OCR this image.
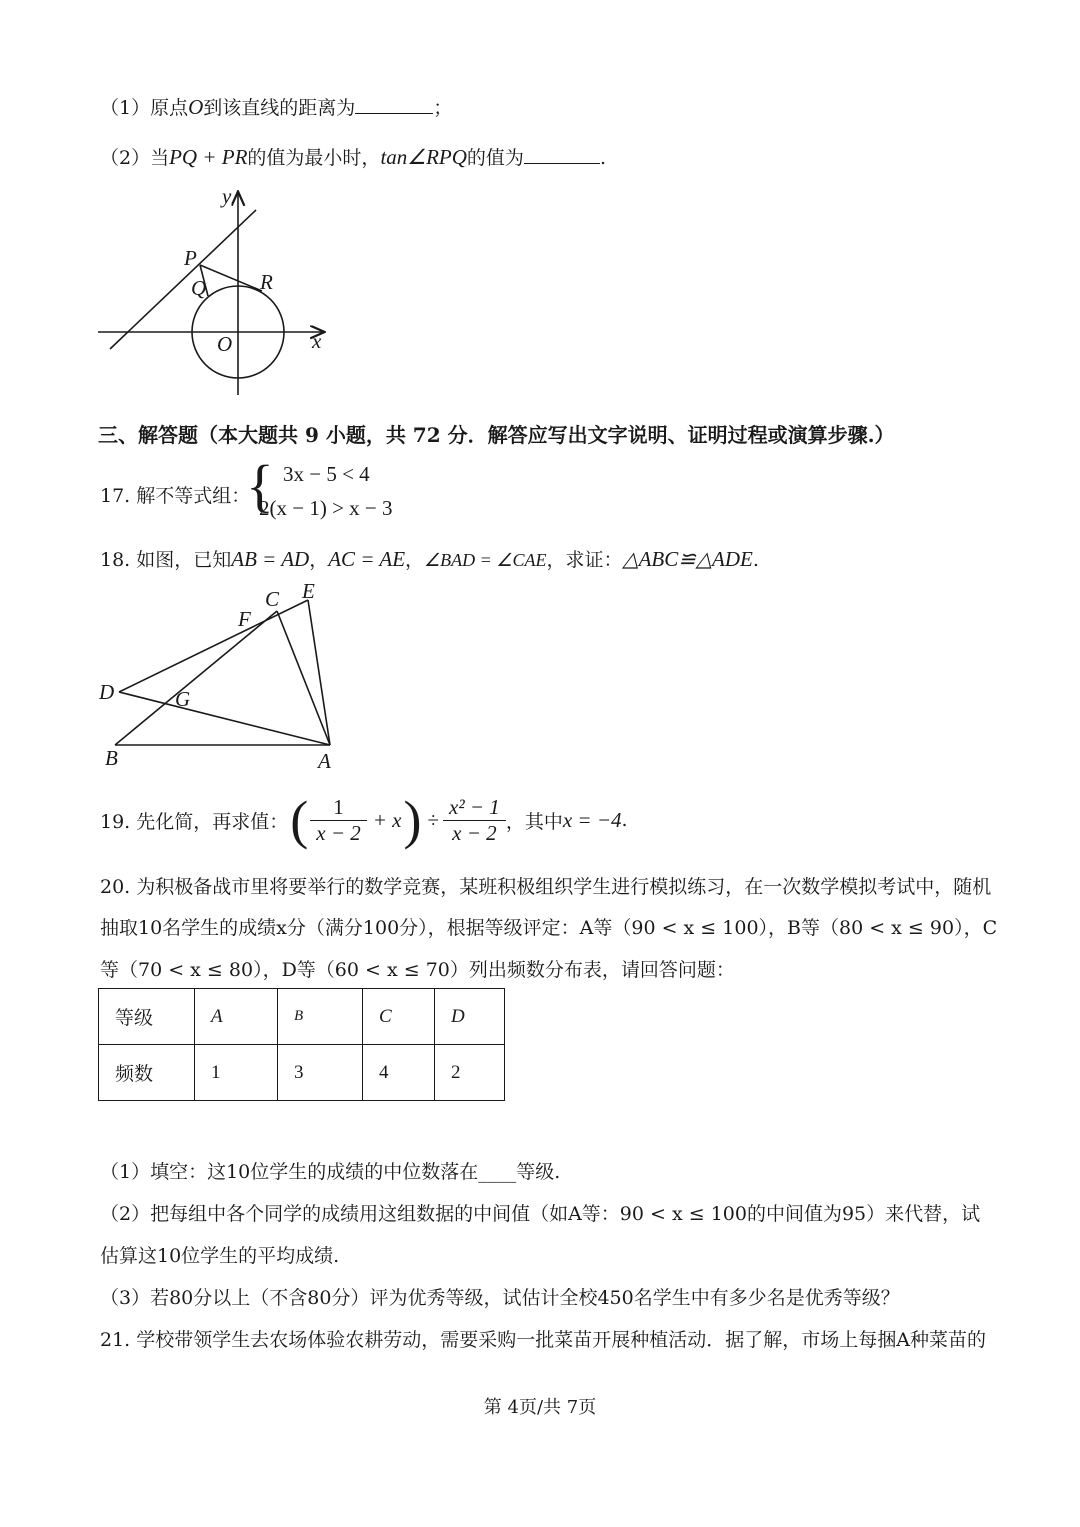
（1）原点O到该直线的距离为	；
（2）当PQ + PR的值为最小时，tan∠RPQ的值为	.
y
x
P
Q	R
O
三、解答题（本大题共 9 小题，共 72 分．解答应写出文字说明、证明过程或演算步骤.）
17. 解不等式组：
{ 3x − 5 < 4
2(x − 1) > x − 3
18. 如图，已知AB = AD，AC = AE，∠BAD = ∠CAE，求证：△ABC≌△ADE.
D	G
B	A
F
C E
19. 先化简，再求值： ( $\frac{1}{x - 2} + x$ ) ÷ $\frac{\text{x² − 1}}{x - 2}$ ，其中 x = −4 .
20. 为积极备战市里将要举行的数学竞赛，某班积极组织学生进行模拟练习，在一次数学模拟考试中，随机
抽取10名学生的成绩x分（满分100分），根据等级评定：A等（90 < x ≤ 100），B等（80 < x ≤ 90），C
等（70 < x ≤ 80），D等（60 < x ≤ 70）列出频数分布表，请回答问题：
等级	A	B	C	D
频数	1	3	4	2
（1）填空：这10位学生的成绩的中位数落在____等级.
（2）把每组中各个同学的成绩用这组数据的中间值（如A等：90 < x ≤ 100的中间值为95）来代替，试
估算这10位学生的平均成绩.
（3）若80分以上（不含80分）评为优秀等级，试估计全校450名学生中有多少名是优秀等级？
21. 学校带领学生去农场体验农耕劳动，需要采购一批菜苗开展种植活动．据了解，市场上每捆A种菜苗的
第 4页/共 7页
